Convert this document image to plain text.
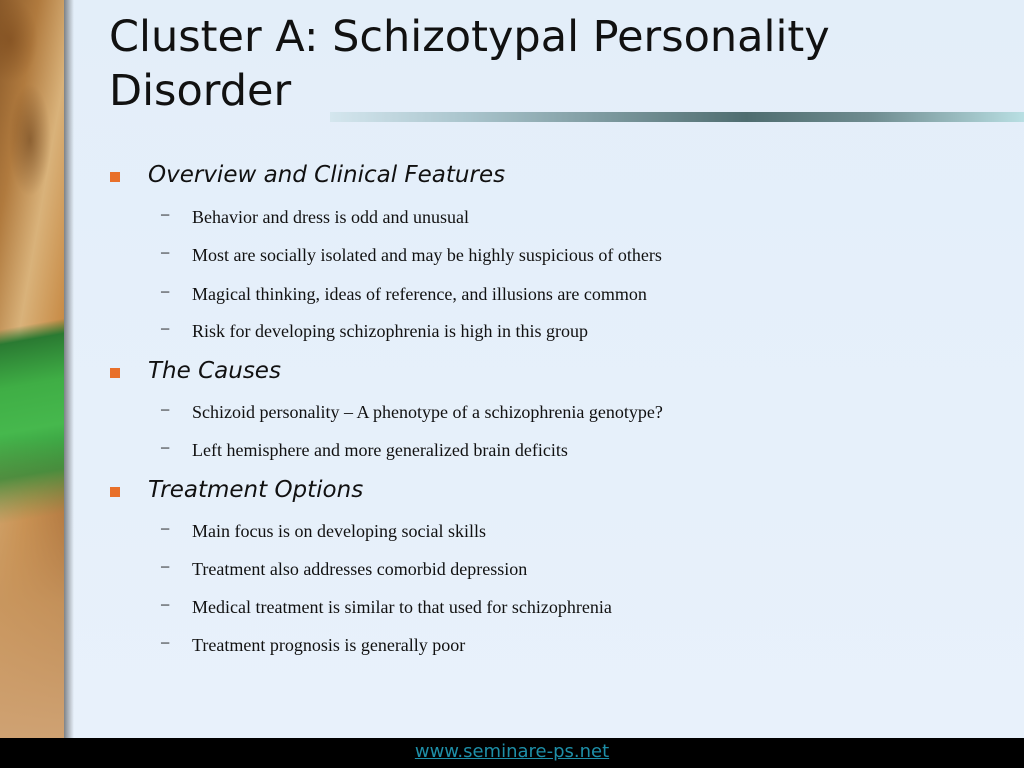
Cluster A: Schizotypal Personality Disorder
Overview and Clinical Features
− Behavior and dress is odd and unusual
− Most are socially isolated and may be highly suspicious of others
− Magical thinking, ideas of reference, and illusions are common
− Risk for developing schizophrenia is high in this group
The Causes
− Schizoid personality – A phenotype of a schizophrenia genotype?
− Left hemisphere and more generalized brain deficits
Treatment Options
− Main focus is on developing social skills
− Treatment also addresses comorbid depression
− Medical treatment is similar to that used for schizophrenia
− Treatment prognosis is generally poor
www.seminare-ps.net
